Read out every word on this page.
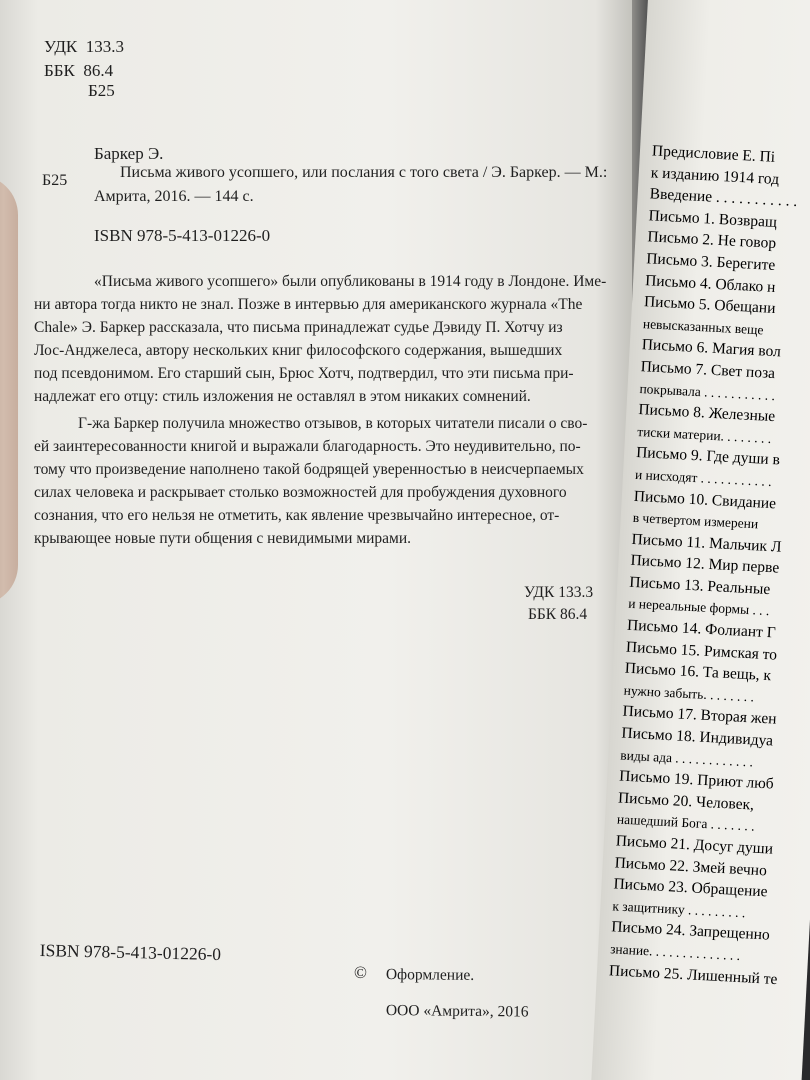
УДК 133.3
ББК 86.4
Б25
Баркер Э.
Б25	Письма живого усопшего, или послания с того света / Э. Баркер. — М.:
Амрита, 2016. — 144 с.
ISBN 978-5-413-01226-0
«Письма живого усопшего» были опубликованы в 1914 году в Лондоне. Име-
ни автора тогда никто не знал. Позже в интервью для американского журнала «The
Chale» Э. Баркер рассказала, что письма принадлежат судье Дэвиду П. Хотчу из
Лос-Анджелеса, автору нескольких книг философского содержания, вышедших
под псевдонимом. Его старший сын, Брюс Хотч, подтвердил, что эти письма при-
надлежат его отцу: стиль изложения не оставлял в этом никаких сомнений.
Г-жа Баркер получила множество отзывов, в которых читатели писали о сво-
ей заинтересованности книгой и выражали благодарность. Это неудивительно, по-
тому что произведение наполнено такой бодрящей уверенностью в неисчерпаемых
силах человека и раскрывает столько возможностей для пробуждения духовного
сознания, что его нельзя не отметить, как явление чрезвычайно интересное, от-
крывающее новые пути общения с невидимыми мирами.
УДК 133.3
ББК 86.4
ISBN 978-5-413-01226-0
© Оформление.
ООО «Амрита», 2016
Предисловие Е. Пі
к изданию 1914 год
Введение . . . . . . . . . . .
Письмо 1. Возвращ
Письмо 2. Не говор
Письмо 3. Берегите
Письмо 4. Облако н
Письмо 5. Обещани
невысказанных веще
Письмо 6. Магия вол
Письмо 7. Свет поза
покрывала . . . . . . . . . . .
Письмо 8. Железные
тиски материи. . . . . . . .
Письмо 9. Где души в
и нисходят . . . . . . . . . . .
Письмо 10. Свидание
в четвертом измерени
Письмо 11. Мальчик Л
Письмо 12. Мир перве
Письмо 13. Реальные
и нереальные формы . . .
Письмо 14. Фолиант Г
Письмо 15. Римская то
Письмо 16. Та вещь, к
нужно забыть. . . . . . . .
Письмо 17. Вторая жен
Письмо 18. Индивидуа
виды ада . . . . . . . . . . . .
Письмо 19. Приют люб
Письмо 20. Человек,
нашедший Бога . . . . . . .
Письмо 21. Досуг души
Письмо 22. Змей вечно
Письмо 23. Обращение
к защитнику . . . . . . . . .
Письмо 24. Запрещенно
знание. . . . . . . . . . . . . .
Письмо 25. Лишенный те
